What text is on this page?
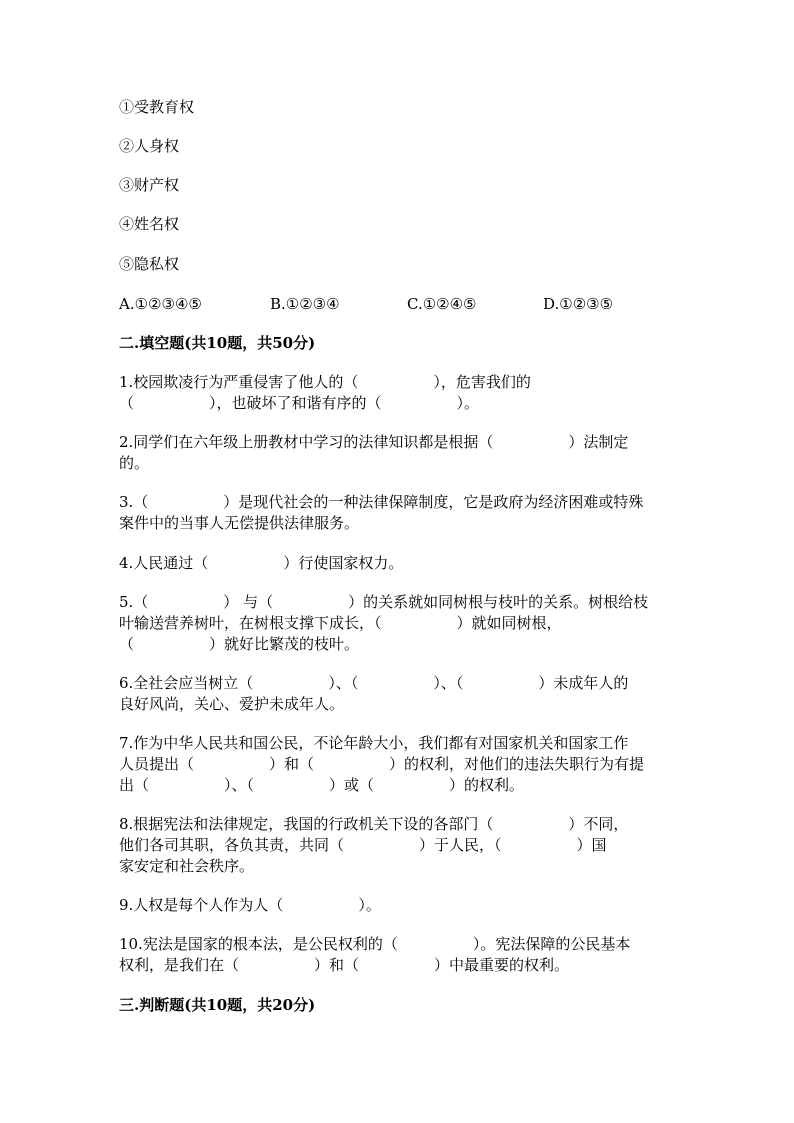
①受教育权
②人身权
③财产权
④姓名权
⑤隐私权
A.①②③④⑤	B.①②③④	C.①②④⑤	D.①②③⑤
二.填空题(共10题，共50分)
1.校园欺凌行为严重侵害了他人的（　　　　　），危害我们的
（　　　　　），也破坏了和谐有序的（　　　　　）。
2.同学们在六年级上册教材中学习的法律知识都是根据（　　　　　）法制定
的。
3.（　　　　　）是现代社会的一种法律保障制度，它是政府为经济困难或特殊
案件中的当事人无偿提供法律服务。
4.人民通过（　　　　　）行使国家权力。
5.（　　　　　） 与（　　　　　）的关系就如同树根与枝叶的关系。树根给枝
叶输送营养树叶，在树根支撑下成长，（　　　　　）就如同树根，
（　　　　　）就好比繁茂的枝叶。
6.全社会应当树立（　　　　　）、（　　　　　）、（　　　　　）未成年人的
良好风尚，关心、爱护未成年人。
7.作为中华人民共和国公民，不论年龄大小，我们都有对国家机关和国家工作
人员提出（　　　　　）和（　　　　　）的权利，对他们的违法失职行为有提
出（　　　　　）、（　　　　　）或（　　　　　）的权利。
8.根据宪法和法律规定，我国的行政机关下设的各部门（　　　　　）不同，
他们各司其职，各负其责，共同（　　　　　）于人民，（　　　　　）国
家安定和社会秩序。
9.人权是每个人作为人（　　　　　）。
10.宪法是国家的根本法，是公民权利的（　　　　　）。宪法保障的公民基本
权利，是我们在（　　　　　）和（　　　　　）中最重要的权利。
三.判断题(共10题，共20分)
